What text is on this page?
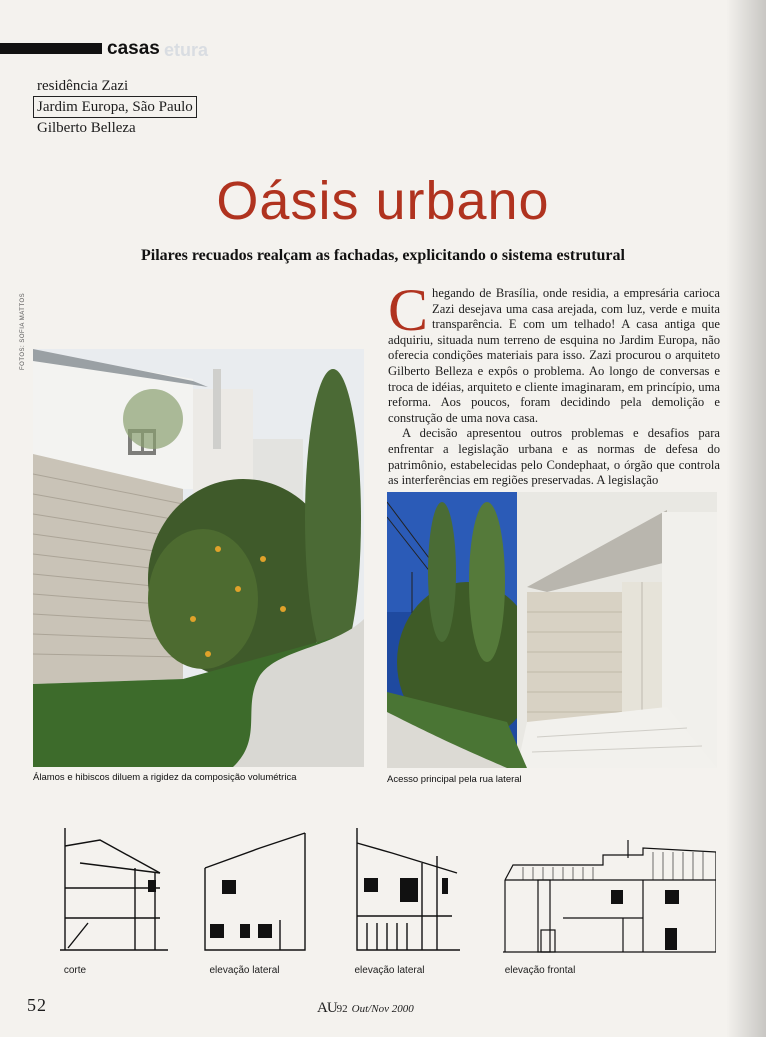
etura
casas
residência Zazi
Jardim Europa, São Paulo
Gilberto Belleza
FOTOS: SOFIA MATTOS
Oásis urbano
Pilares recuados realçam as fachadas, explicitando o sistema estrutural

Chegando de Brasília, onde residia, a empresária carioca Zazi desejava uma casa arejada, com luz, verde e muita transparência. E com um telhado! A casa antiga que adquiriu, situada num terreno de esquina no Jardim Europa, não oferecia condições materiais para isso. Zazi procurou o arquiteto Gilberto Belleza e expôs o problema. Ao longo de conversas e troca de idéias, arquiteto e cliente imaginaram, em princípio, uma reforma. Aos poucos, foram decidindo pela demolição e construção de uma nova casa.

A decisão apresentou outros problemas e desafios para enfrentar a legislação urbana e as normas de defesa do patrimônio, estabelecidas pelo Condephaat, o órgão que controla as interferências em regiões preservadas. A legislação

Álamos e hibiscos diluem a rigidez da composição volumétrica	Acesso principal pela rua lateral
corte	elevação lateral	elevação lateral	elevação frontal
52	AU92 Out/Nov 2000
